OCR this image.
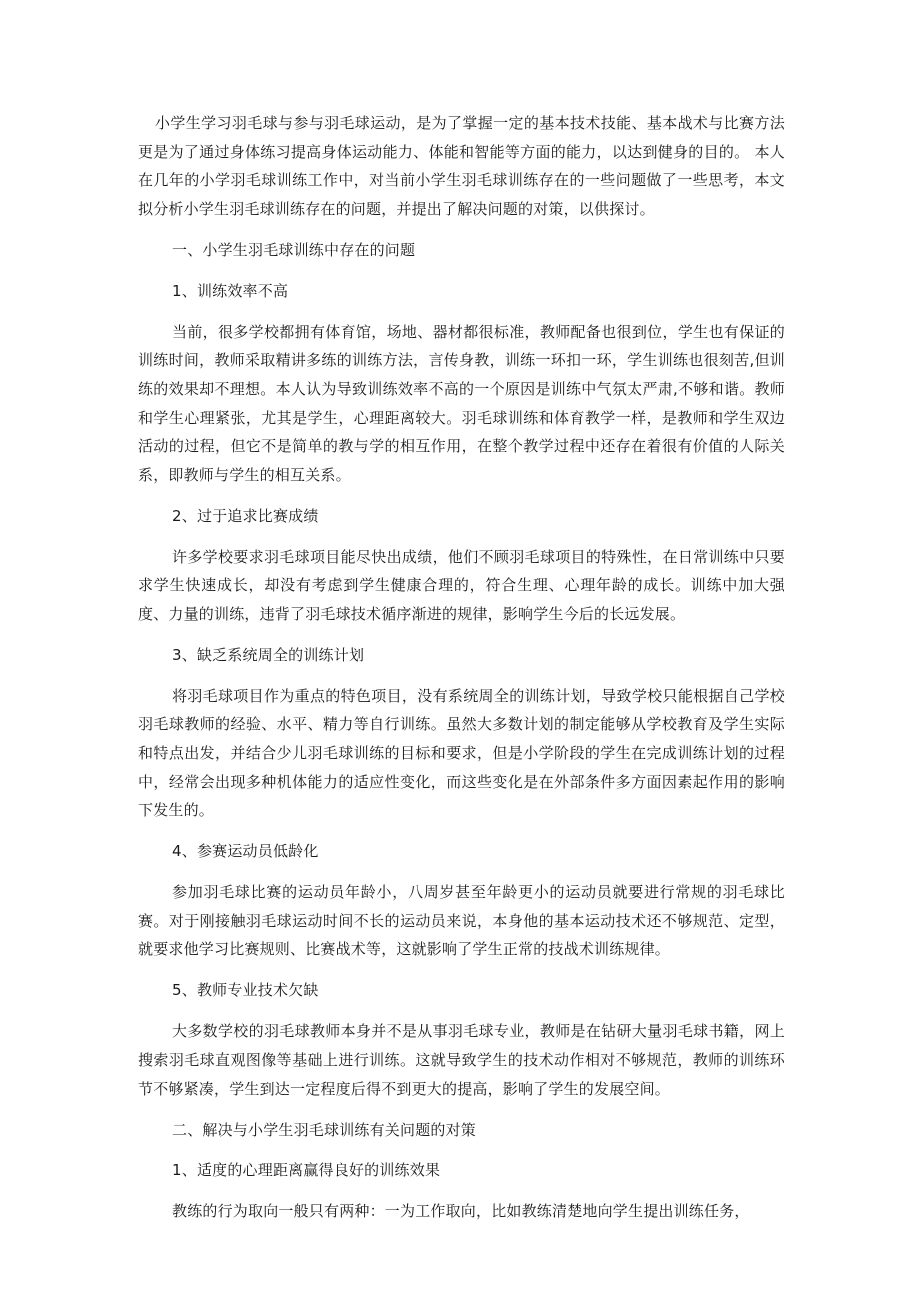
小学生学习羽毛球与参与羽毛球运动，是为了掌握一定的基本技术技能、基本战术与比赛方法 更是为了通过身体练习提高身体运动能力、体能和智能等方面的能力，以达到健身的目的。 本人在几年的小学羽毛球训练工作中，对当前小学生羽毛球训练存在的一些问题做了一些思考，本文拟分析小学生羽毛球训练存在的问题，并提出了解决问题的对策，以供探讨。

一、小学生羽毛球训练中存在的问题

1、训练效率不高

当前，很多学校都拥有体育馆，场地、器材都很标准，教师配备也很到位，学生也有保证的训练时间，教师采取精讲多练的训练方法，言传身教，训练一环扣一环，学生训练也很刻苦,但训练的效果却不理想。本人认为导致训练效率不高的一个原因是训练中气氛太严肃,不够和谐。教师和学生心理紧张，尤其是学生，心理距离较大。羽毛球训练和体育教学一样，是教师和学生双边活动的过程，但它不是简单的教与学的相互作用，在整个教学过程中还存在着很有价值的人际关系，即教师与学生的相互关系。

2、过于追求比赛成绩

许多学校要求羽毛球项目能尽快出成绩，他们不顾羽毛球项目的特殊性，在日常训练中只要求学生快速成长，却没有考虑到学生健康合理的，符合生理、心理年龄的成长。训练中加大强度、力量的训练，违背了羽毛球技术循序渐进的规律，影响学生今后的长远发展。

3、缺乏系统周全的训练计划

将羽毛球项目作为重点的特色项目，没有系统周全的训练计划，导致学校只能根据自己学校羽毛球教师的经验、水平、精力等自行训练。虽然大多数计划的制定能够从学校教育及学生实际和特点出发，并结合少儿羽毛球训练的目标和要求，但是小学阶段的学生在完成训练计划的过程中，经常会出现多种机体能力的适应性变化，而这些变化是在外部条件多方面因素起作用的影响下发生的。

4、参赛运动员低龄化

参加羽毛球比赛的运动员年龄小，八周岁甚至年龄更小的运动员就要进行常规的羽毛球比赛。对于刚接触羽毛球运动时间不长的运动员来说，本身他的基本运动技术还不够规范、定型，就要求他学习比赛规则、比赛战术等，这就影响了学生正常的技战术训练规律。

5、教师专业技术欠缺

大多数学校的羽毛球教师本身并不是从事羽毛球专业，教师是在钻研大量羽毛球书籍，网上搜索羽毛球直观图像等基础上进行训练。这就导致学生的技术动作相对不够规范，教师的训练环节不够紧凑，学生到达一定程度后得不到更大的提高，影响了学生的发展空间。

二、解决与小学生羽毛球训练有关问题的对策

1、适度的心理距离赢得良好的训练效果

教练的行为取向一般只有两种：一为工作取向，比如教练清楚地向学生提出训练任务，
